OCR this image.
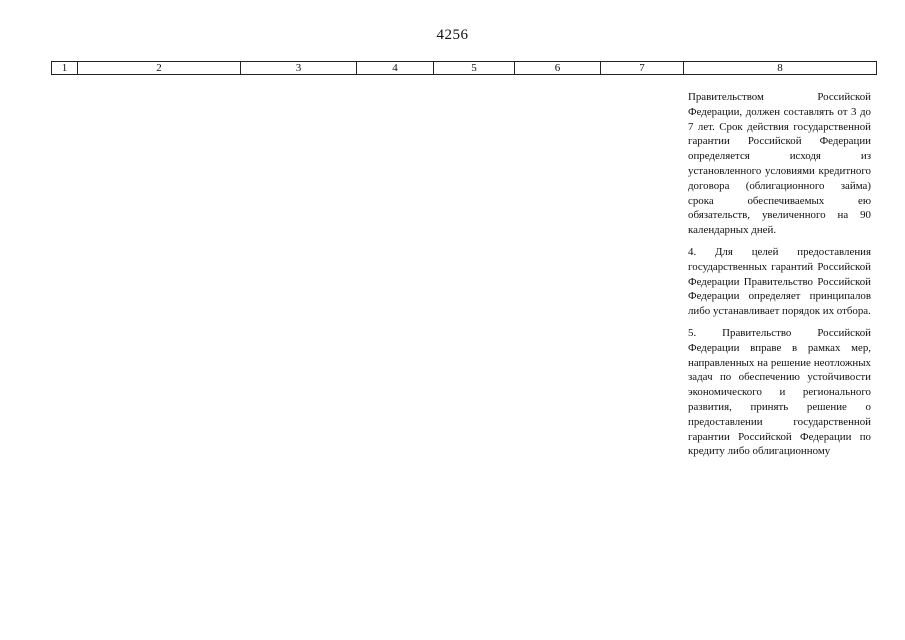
4256
1	2	3	4	5	6	7	8

Правительством Российской Федерации, должен составлять от 3 до 7 лет. Срок действия государственной гарантии Российской Федерации определяется исходя из установленного условиями кредитного договора (облигационного займа) срока обеспечиваемых ею обязательств, увеличенного на 90 календарных дней.

4. Для целей предоставления государственных гарантий Российской Федерации Правительство Российской Федерации определяет принципалов либо устанавливает порядок их отбора.

5. Правительство Российской Федерации вправе в рамках мер, направленных на решение неотложных задач по обеспечению устойчивости экономического и регионального развития, принять решение о предоставлении государственной гарантии Российской Федерации по кредиту либо облигационному
